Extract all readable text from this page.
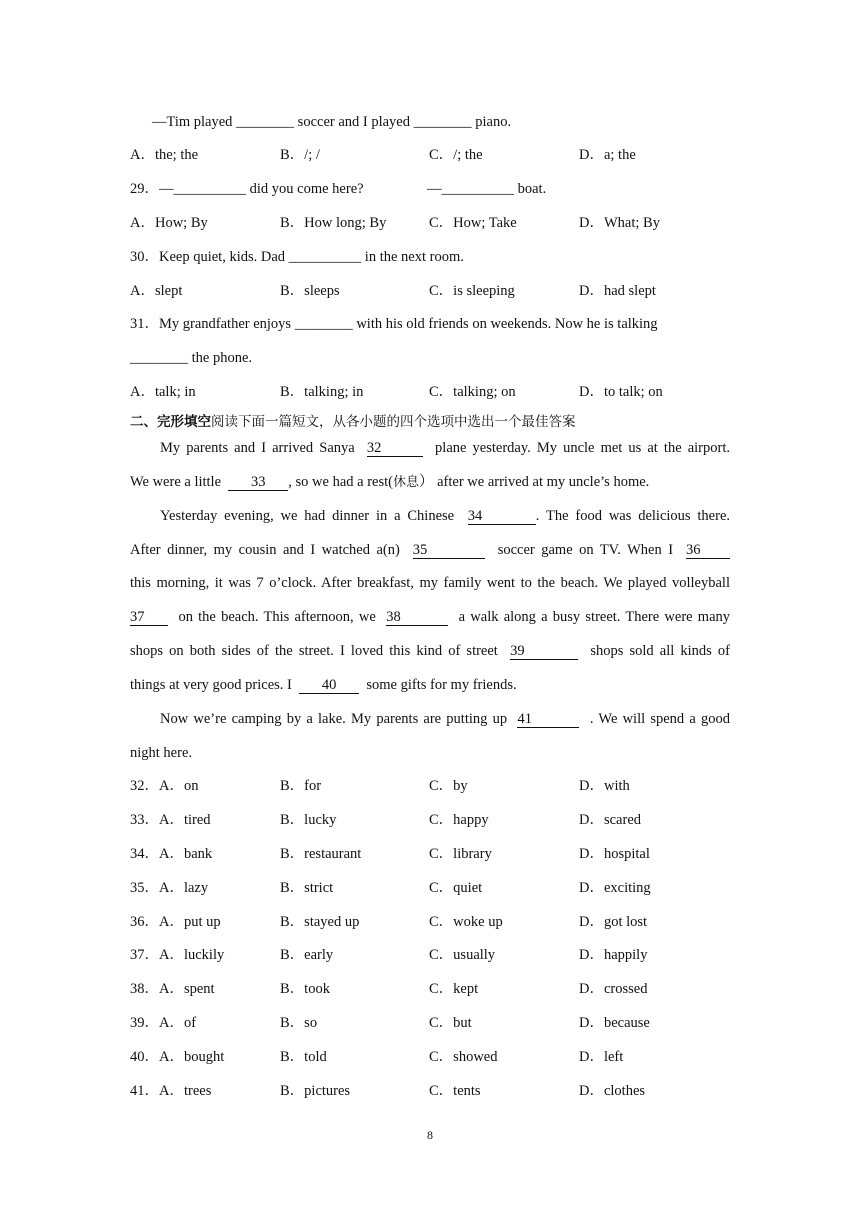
—Tim played ________ soccer and I played ________ piano.
A．the; the	B．/; /	C．/; the	D．a; the
29．—__________ did you come here?	—__________ boat.
A．How; By	B．How long; By	C．How; Take	D．What; By
30．Keep quiet, kids. Dad __________ in the next room.
A．slept	B．sleeps	C．is sleeping	D．had slept
31．My grandfather enjoys ________ with his old friends on weekends. Now he is talking
________ the phone.
A．talk; in	B．talking; in	C．talking; on	D．to talk; on
二、完形填空阅读下面一篇短文，从各小题的四个选项中选出一个最佳答案
My parents and I arrived Sanya 32	plane yesterday. My uncle met us at the airport.
We were a little 33 , so we had a rest(休息） after we arrived at my uncle’s home.
Yesterday evening, we had dinner in a Chinese 34	. The food was delicious there.
After dinner, my cousin and I watched a(n) 35	soccer game on TV. When I 36
this morning, it was 7 o’clock. After breakfast, my family went to the beach. We played volleyball
37 on the beach. This afternoon, we 38	a walk along a busy street. There were many
shops on both sides of the street. I loved this kind of street 39	shops sold all kinds of
things at very good prices. I 40 some gifts for my friends.
Now we’re camping by a lake. My parents are putting up 41	. We will spend a good
night here.
32．A．on	B．for	C．by	D．with
33．A．tired	B．lucky	C．happy	D．scared
34．A．bank	B．restaurant	C．library	D．hospital
35．A．lazy	B．strict	C．quiet	D．exciting
36．A．put up	B．stayed up	C．woke up	D．got lost
37．A．luckily	B．early	C．usually	D．happily
38．A．spent	B．took	C．kept	D．crossed
39．A．of	B．so	C．but	D．because
40．A．bought	B．told	C．showed	D．left
41．A．trees	B．pictures	C．tents	D．clothes
8
